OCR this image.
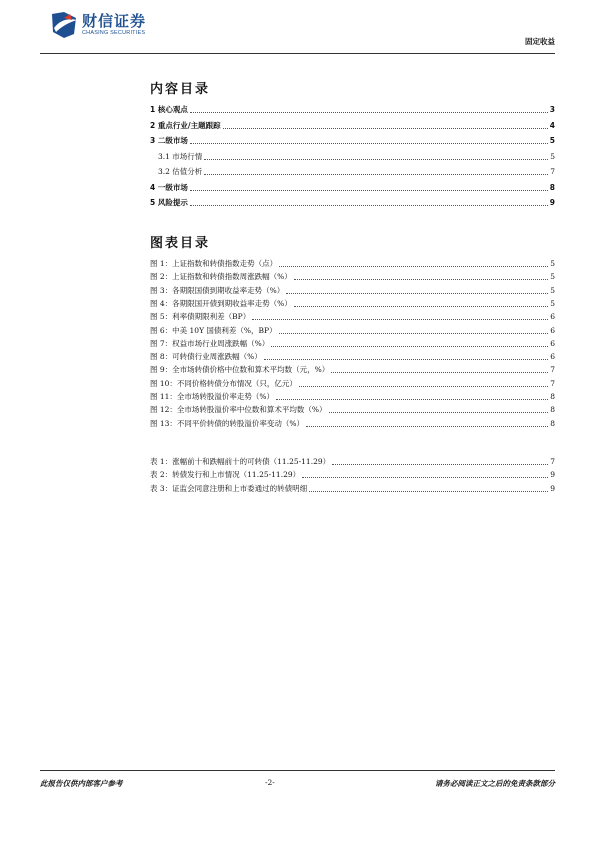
财信证券
CHASING SECURITIES
固定收益
内容目录
1 核心观点	3
2 重点行业/主题跟踪	4
3 二级市场	5
3.1 市场行情	5
3.2 估值分析	7
4 一级市场	8
5 风险提示	9
图表目录
图 1：上证指数和转债指数走势（点）	5
图 2：上证指数和转债指数周涨跌幅（%）	5
图 3：各期限国债到期收益率走势（%）	5
图 4：各期限国开债到期收益率走势（%）	5
图 5：利率债期限利差（BP）	6
图 6：中美 10Y 国债利差（%，BP）	6
图 7：权益市场行业周涨跌幅（%）	6
图 8：可转债行业周涨跌幅（%）	6
图 9：全市场转债价格中位数和算术平均数（元，%）	7
图 10：不同价格转债分布情况（只，亿元）	7
图 11：全市场转股溢价率走势（%）	8
图 12：全市场转股溢价率中位数和算术平均数（%）	8
图 13：不同平价转债的转股溢价率变动（%）	8
表 1：涨幅前十和跌幅前十的可转债（11.25-11.29）	7
表 2：转债发行和上市情况（11.25-11.29）	9
表 3：证监会同意注册和上市委通过的转债明细	9
此报告仅供内部客户参考	-2-	请务必阅读正文之后的免责条款部分
